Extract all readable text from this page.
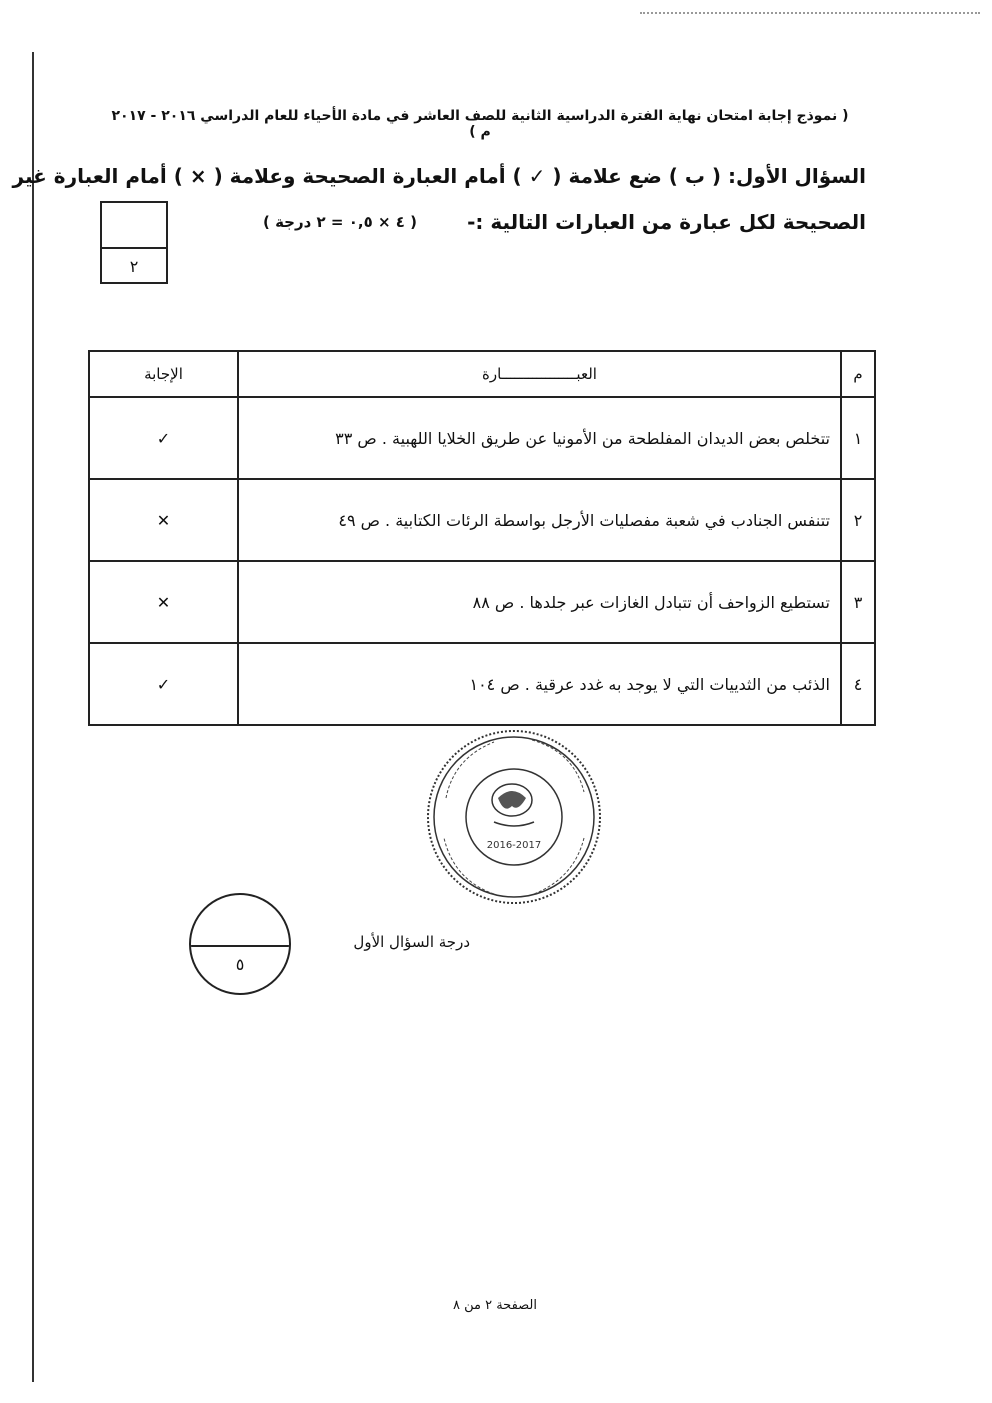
( نموذج إجابة امتحان نهاية الفترة الدراسية الثانية للصف العاشر في مادة الأحياء للعام الدراسي ٢٠١٦ - ٢٠١٧ م )
السؤال الأول: ( ب ) ضع علامة ( ✓ ) أمام العبارة الصحيحة وعلامة ( × ) أمام العبارة غير
الصحيحة لكل عبارة من العبارات التالية :-
( ٤ × ٠,٥ = ٢ درجة )
٢
م	العبـــــــــــــــــارة	الإجابة
١	تتخلص بعض الديدان المفلطحة من الأمونيا عن طريق الخلايا اللهبية . ص ٣٣	✓
٢	تتنفس الجنادب في شعبة مفصليات الأرجل بواسطة الرئات الكتابية . ص ٤٩	✕
٣	تستطيع الزواحف أن تتبادل الغازات عبر جلدها . ص ٨٨	✕
٤	الذئب من الثدييات التي لا يوجد به غدد عرقية . ص ١٠٤	✓
2016-2017
٥
درجة السؤال الأول
الصفحة ٢ من ٨
